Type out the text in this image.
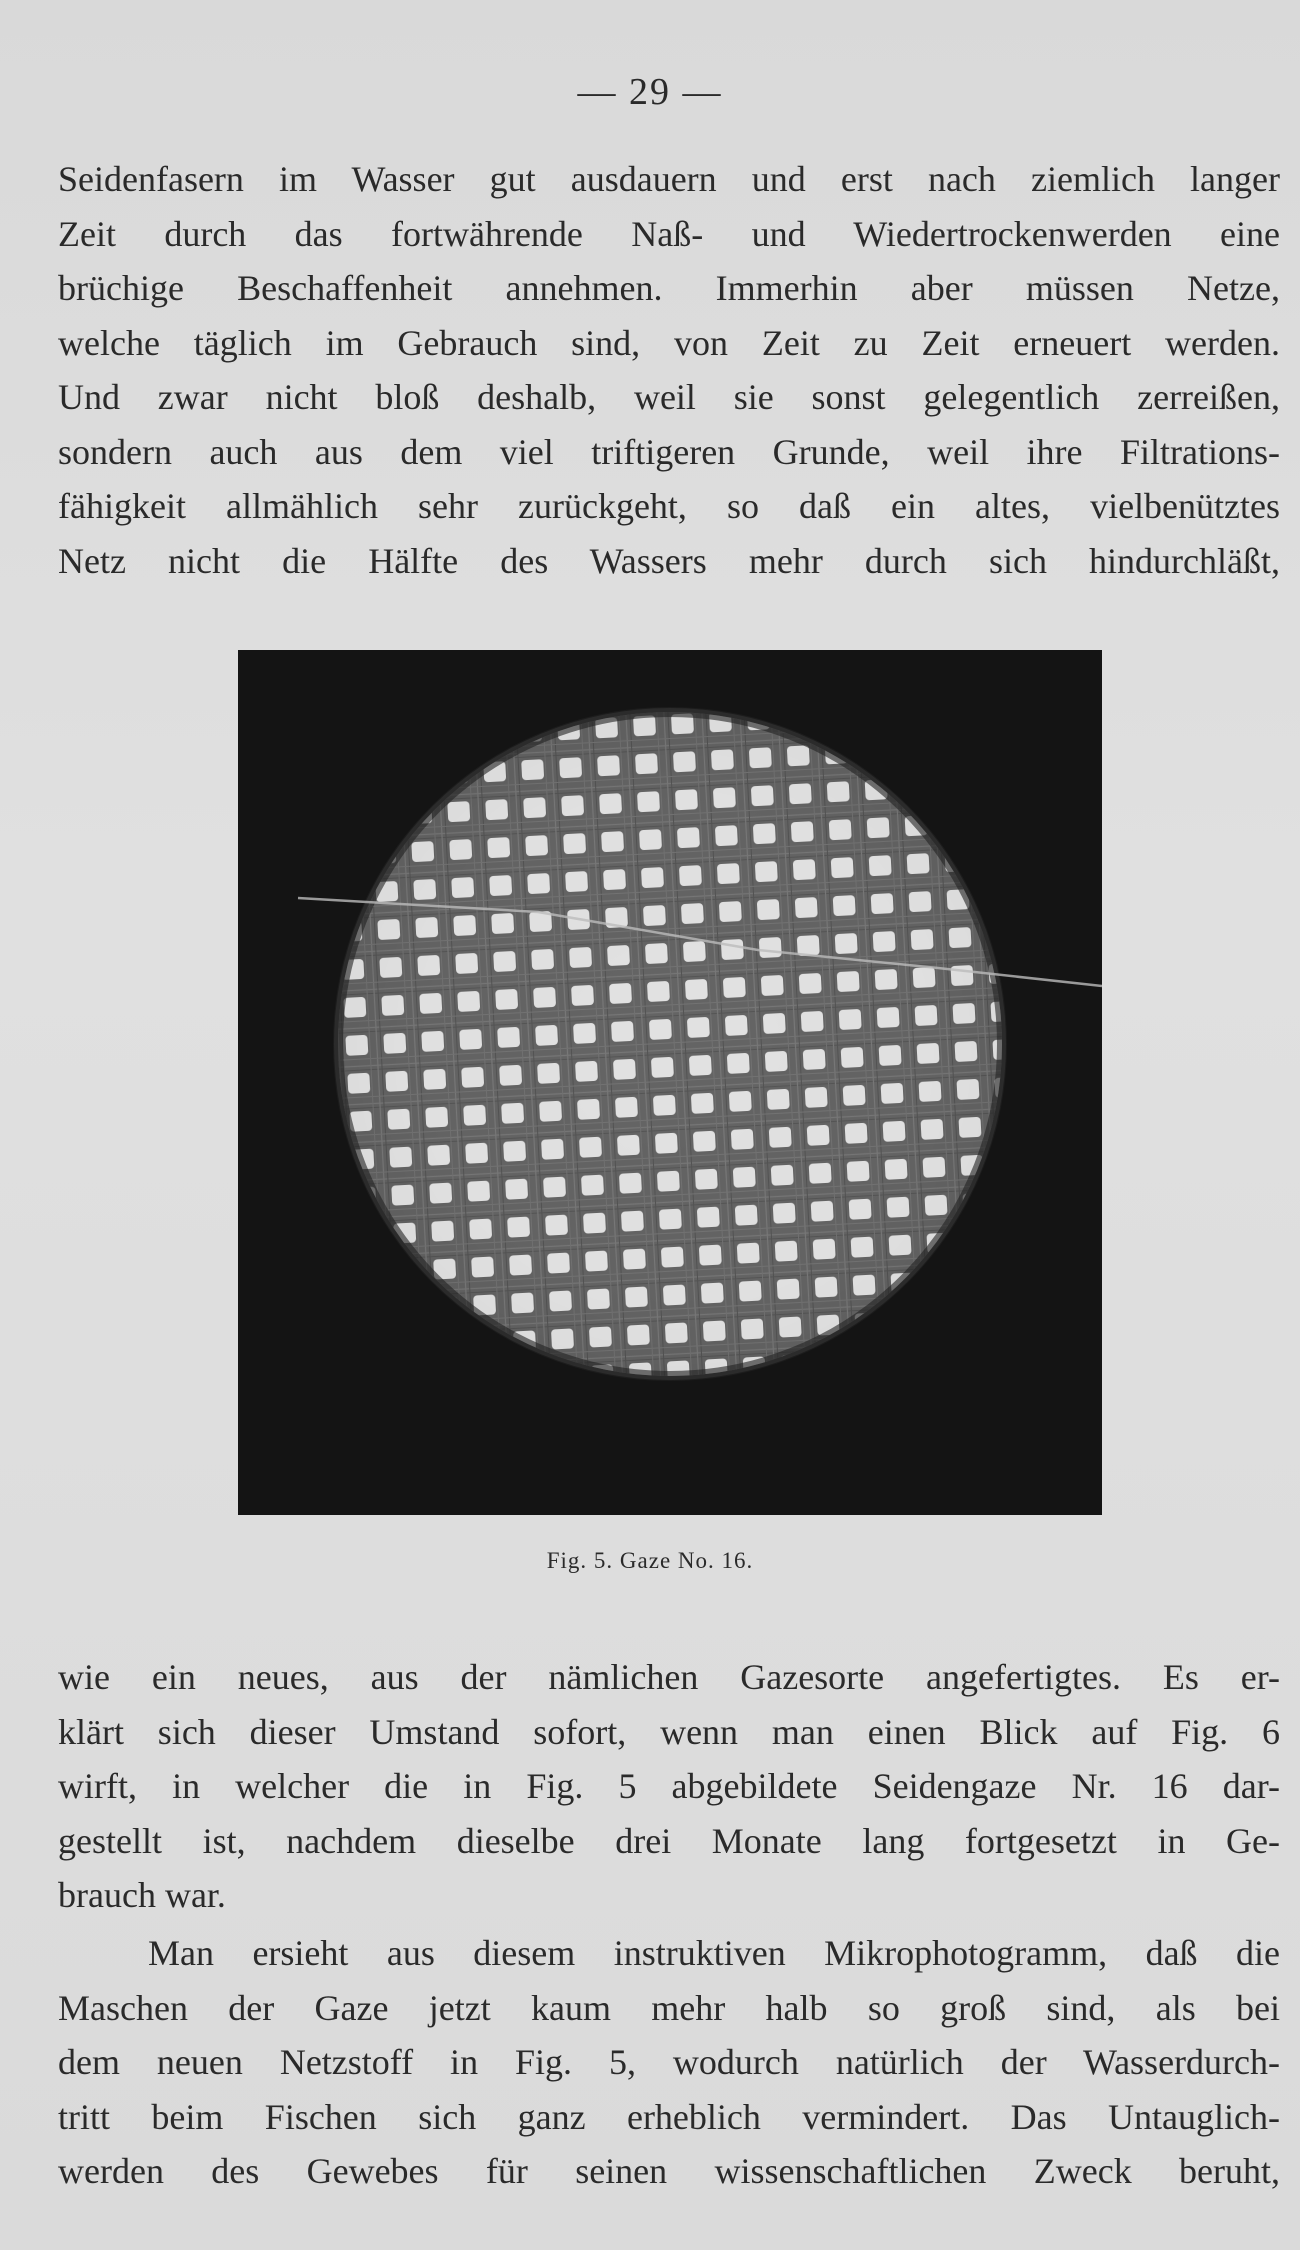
— 29 —
Seidenfasern im Wasser gut ausdauern und erst nach ziemlich langer
Zeit durch das fortwährende Naß- und Wiedertrockenwerden eine
brüchige Beschaffenheit annehmen. Immerhin aber müssen Netze,
welche täglich im Gebrauch sind, von Zeit zu Zeit erneuert werden.
Und zwar nicht bloß deshalb, weil sie sonst gelegentlich zerreißen,
sondern auch aus dem viel triftigeren Grunde, weil ihre Filtrations-
fähigkeit allmählich sehr zurückgeht, so daß ein altes, vielbenütztes
Netz nicht die Hälfte des Wassers mehr durch sich hindurchläßt,
Fig. 5. Gaze No. 16.
wie ein neues, aus der nämlichen Gazesorte angefertigtes. Es er-
klärt sich dieser Umstand sofort, wenn man einen Blick auf Fig. 6
wirft, in welcher die in Fig. 5 abgebildete Seidengaze Nr. 16 dar-
gestellt ist, nachdem dieselbe drei Monate lang fortgesetzt in Ge-
brauch war.
Man ersieht aus diesem instruktiven Mikrophotogramm, daß die
Maschen der Gaze jetzt kaum mehr halb so groß sind, als bei
dem neuen Netzstoff in Fig. 5, wodurch natürlich der Wasserdurch-
tritt beim Fischen sich ganz erheblich vermindert. Das Untauglich-
werden des Gewebes für seinen wissenschaftlichen Zweck beruht,
